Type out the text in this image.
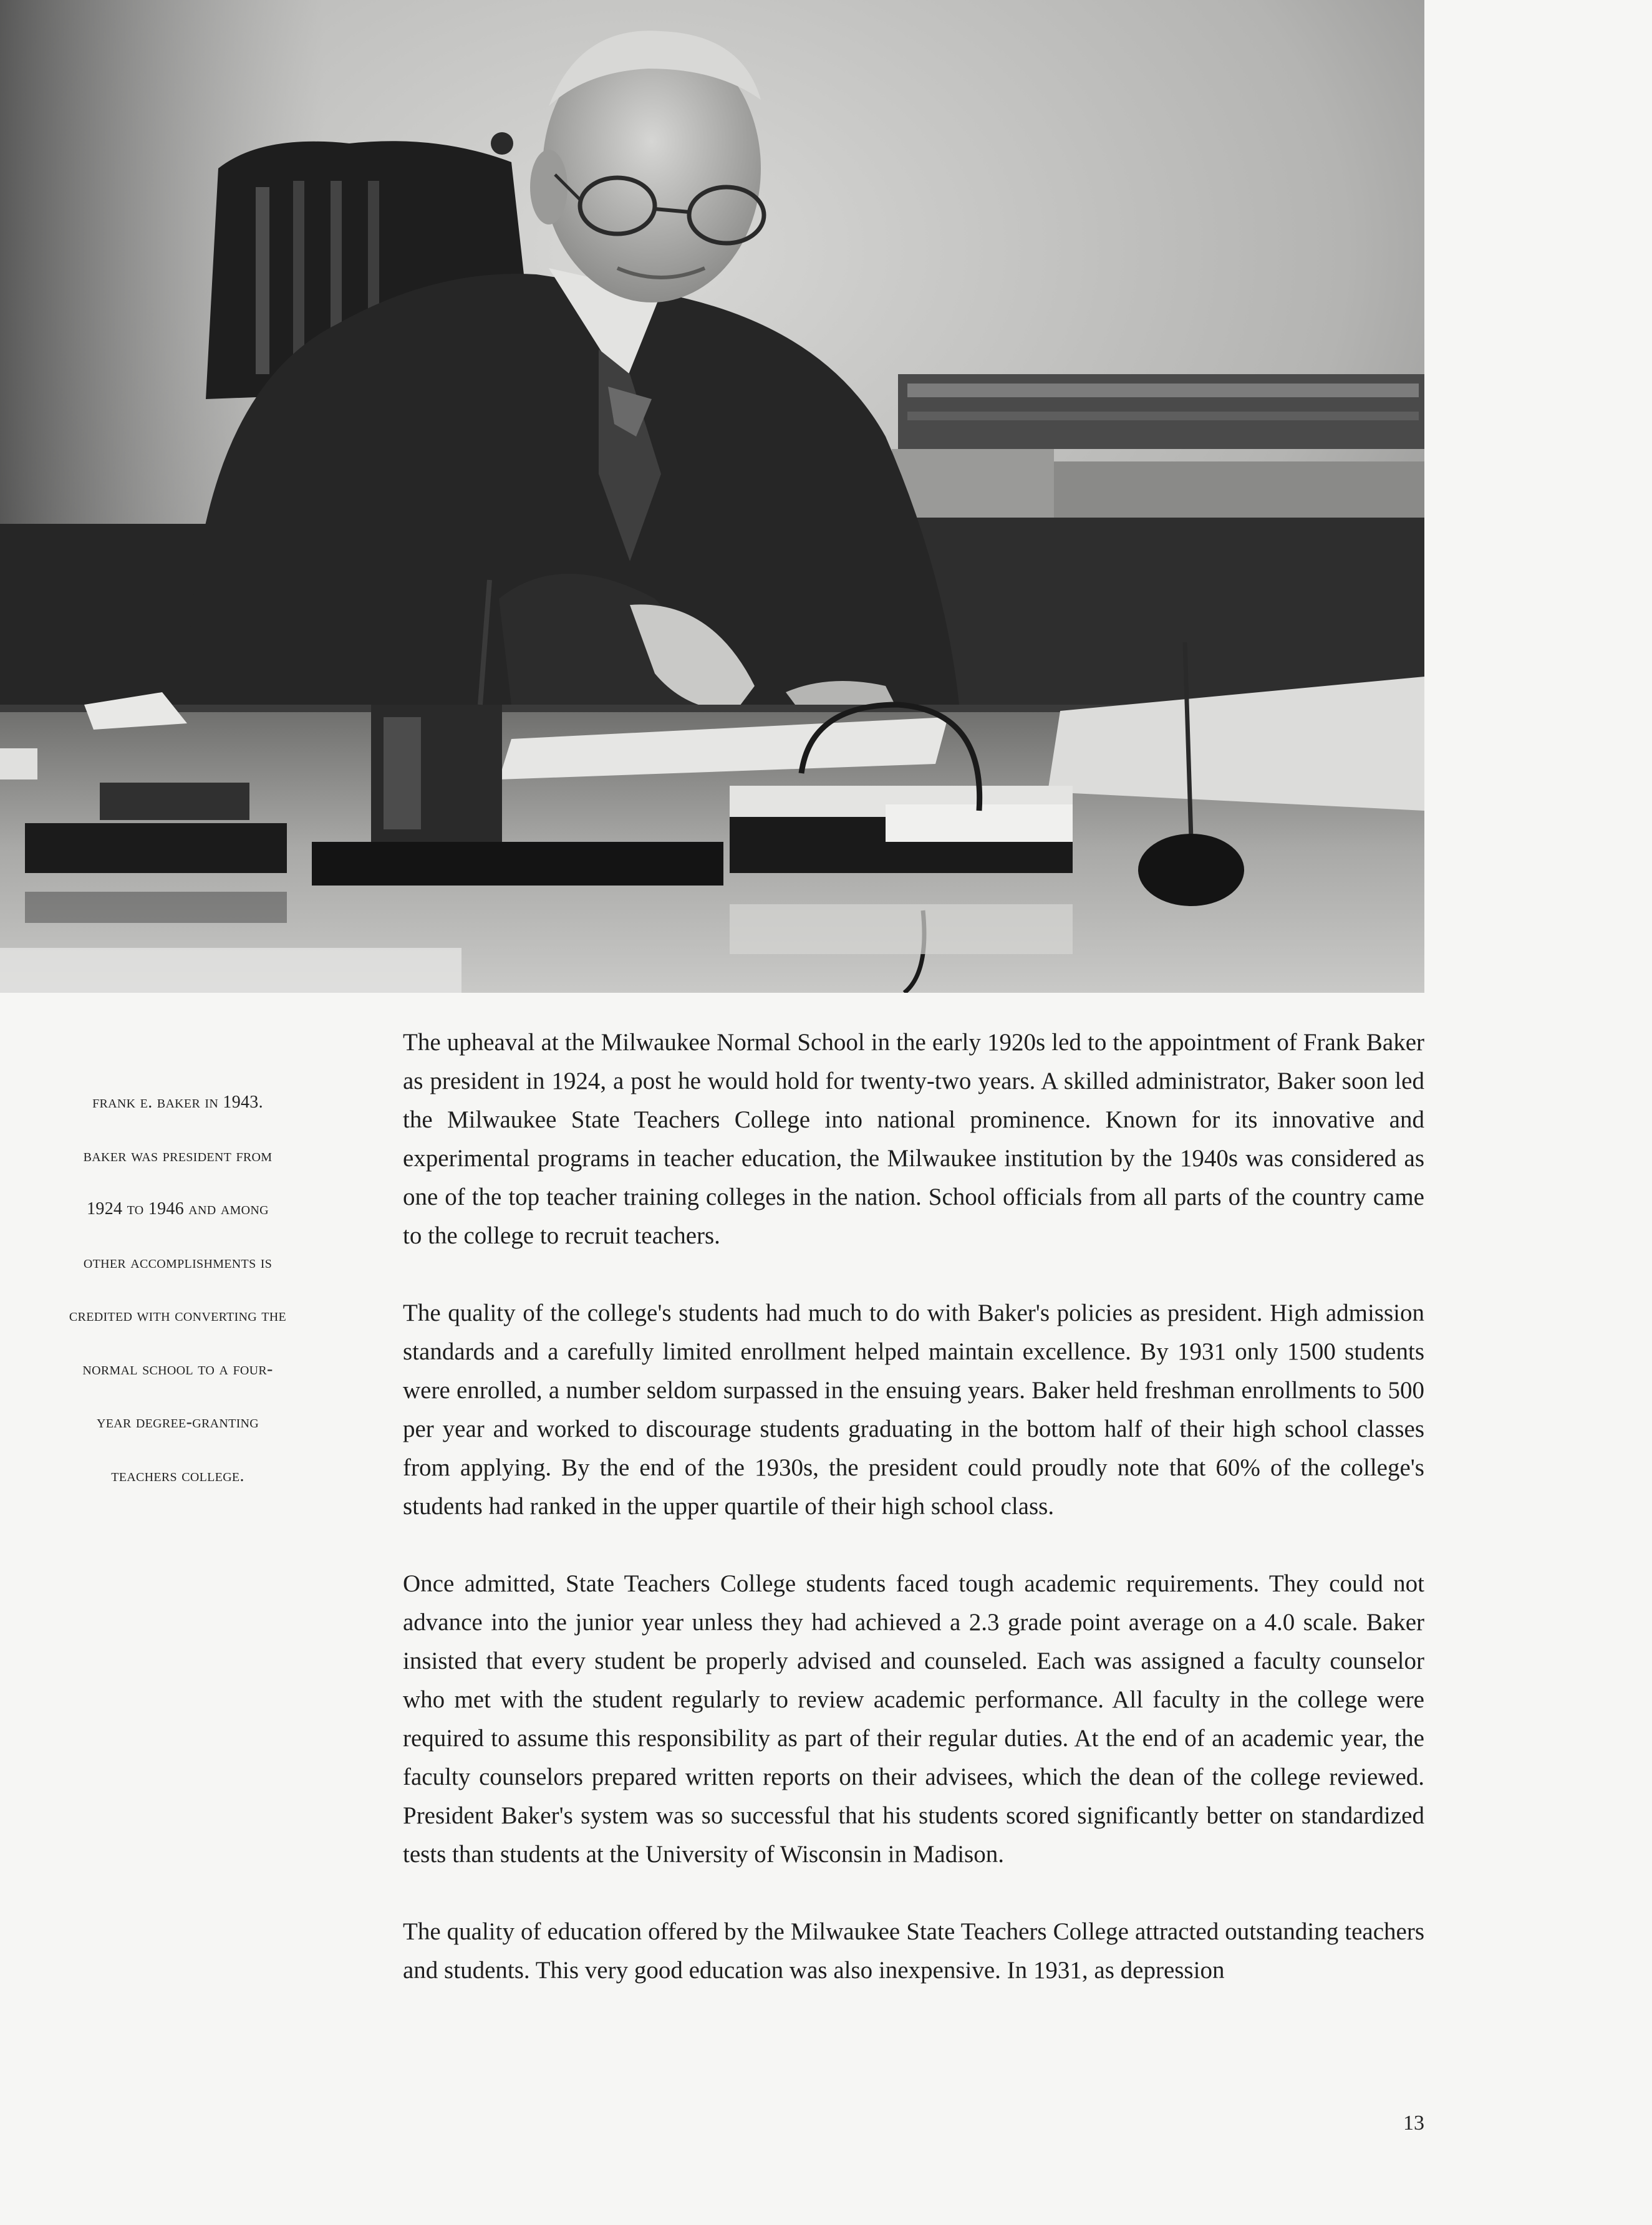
frank e. baker in 1943.
baker was president from
1924 to 1946 and among
other accomplishments is
credited with converting the
normal school to a four-
year degree-granting
teachers college.

The upheaval at the Milwaukee Normal School in the early 1920s led to the appointment of Frank Baker as president in 1924, a post he would hold for twenty-two years. A skilled administrator, Baker soon led the Milwaukee State Teachers College into national prominence. Known for its innovative and experimental programs in teacher education, the Milwaukee institution by the 1940s was considered as one of the top teacher training colleges in the nation. School officials from all parts of the country came to the college to recruit teachers.

The quality of the college's students had much to do with Baker's policies as president. High admission standards and a carefully limited enrollment helped maintain excellence. By 1931 only 1500 students were enrolled, a number seldom surpassed in the ensuing years. Baker held freshman enrollments to 500 per year and worked to discourage students graduating in the bottom half of their high school classes from applying. By the end of the 1930s, the president could proudly note that 60% of the college's students had ranked in the upper quartile of their high school class.

Once admitted, State Teachers College students faced tough academic requirements. They could not advance into the junior year unless they had achieved a 2.3 grade point average on a 4.0 scale. Baker insisted that every student be properly advised and counseled. Each was assigned a faculty counselor who met with the student regularly to review academic performance. All faculty in the college were required to assume this responsibility as part of their regular duties. At the end of an academic year, the faculty counselors prepared written reports on their advisees, which the dean of the college reviewed. President Baker's system was so successful that his students scored significantly better on standardized tests than students at the University of Wisconsin in Madison.

The quality of education offered by the Milwaukee State Teachers College attracted outstanding teachers and students. This very good education was also inexpensive. In 1931, as depression

13
